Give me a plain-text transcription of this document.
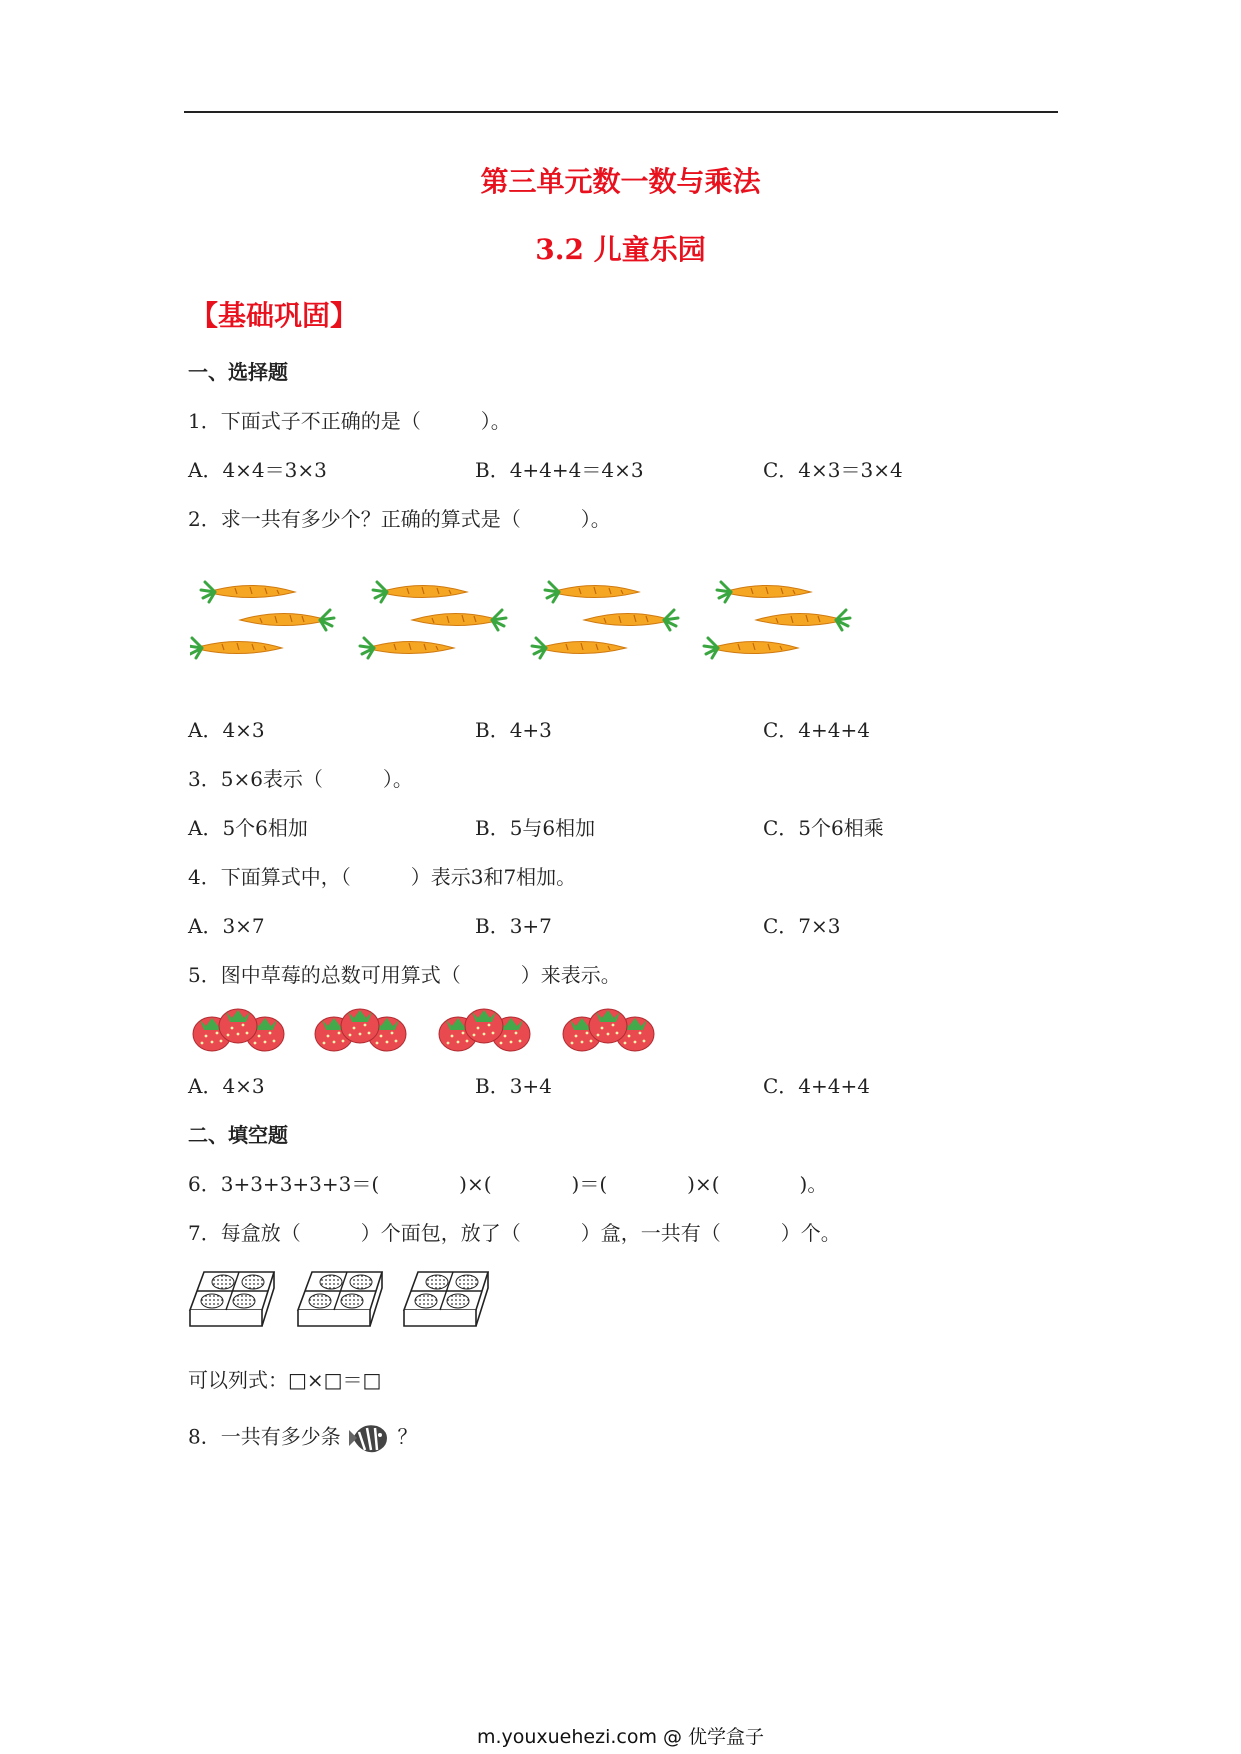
第三单元数一数与乘法
3.2 儿童乐园
【基础巩固】
一、选择题
1．下面式子不正确的是（　　　）。
A．4×4＝3×3	B．4+4+4＝4×3	C．4×3＝3×4
2．求一共有多少个？正确的算式是（　　　）。
A．4×3	B．4+3	C．4+4+4
3．5×6表示（　　　）。
A．5个6相加	B．5与6相加	C．5个6相乘
4．下面算式中，（　　　）表示3和7相加。
A．3×7	B．3+7	C．7×3
5．图中草莓的总数可用算式（　　　）来表示。
A．4×3	B．3+4	C．4+4+4
二、填空题
6．3+3+3+3+3＝(　　　　)×(　　　　)＝(　　　　)×(　　　　)。
7．每盒放（　　　）个面包，放了（　　　）盒，一共有（　　　）个。
可以列式：□×□＝□
8．一共有多少条	？
m.youxuehezi.com @ 优学盒子
